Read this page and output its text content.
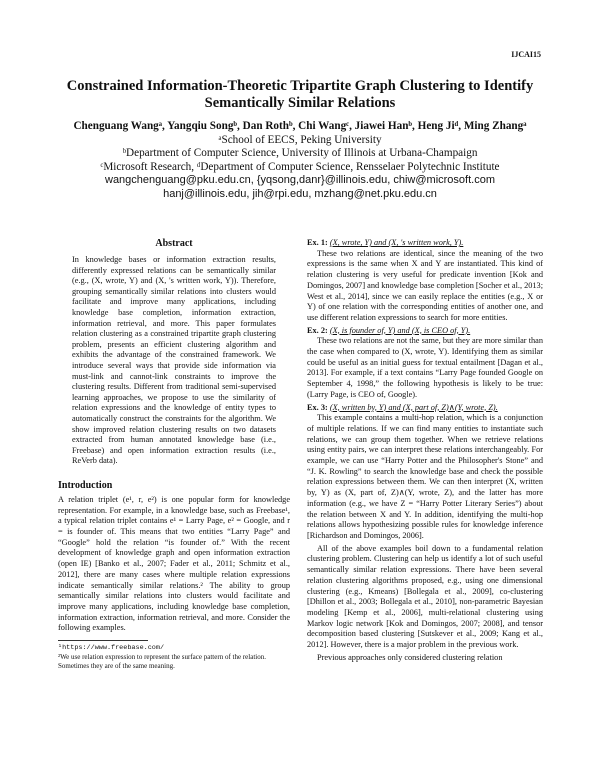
IJCAI15
Constrained Information-Theoretic Tripartite Graph Clustering to Identify Semantically Similar Relations
Chenguang Wangᵃ, Yangqiu Songᵇ, Dan Rothᵇ, Chi Wangᶜ, Jiawei Hanᵇ, Heng Jiᵈ, Ming Zhangᵃ
ᵃSchool of EECS, Peking University
ᵇDepartment of Computer Science, University of Illinois at Urbana-Champaign
ᶜMicrosoft Research, ᵈDepartment of Computer Science, Rensselaer Polytechnic Institute
wangchenguang@pku.edu.cn, {yqsong,danr}@illinois.edu, chiw@microsoft.com
hanj@illinois.edu, jih@rpi.edu, mzhang@net.pku.edu.cn
Abstract

In knowledge bases or information extraction results, differently expressed relations can be semantically similar (e.g., (X, wrote, Y) and (X, 's written work, Y)). Therefore, grouping semantically similar relations into clusters would facilitate and improve many applications, including knowledge base completion, information extraction, information retrieval, and more. This paper formulates relation clustering as a constrained tripartite graph clustering problem, presents an efficient clustering algorithm and exhibits the advantage of the constrained framework. We introduce several ways that provide side information via must-link and cannot-link constraints to improve the clustering results. Different from traditional semi-supervised learning approaches, we propose to use the similarity of relation expressions and the knowledge of entity types to automatically construct the constraints for the algorithm. We show improved relation clustering results on two datasets extracted from human annotated knowledge base (i.e., Freebase) and open information extraction results (i.e., ReVerb data).

Introduction

A relation triplet (e¹, r, e²) is one popular form for knowledge representation. For example, in a knowledge base, such as Freebase¹, a typical relation triplet contains e¹ = Larry Page, e² = Google, and r = is founder of. This means that two entities “Larry Page” and “Google” hold the relation “is founder of.” With the recent development of knowledge graph and open information extraction (open IE) [Banko et al., 2007; Fader et al., 2011; Schmitz et al., 2012], there are many cases where multiple relation expressions indicate semantically similar relations.² The ability to group semantically similar relations into clusters would facilitate and improve many applications, including knowledge base completion, information extraction, information retrieval, and more. Consider the following examples.

¹https://www.freebase.com/

²We use relation expression to represent the surface pattern of the relation. Sometimes they are of the same meaning.

Ex. 1: (X, wrote, Y) and (X, 's written work, Y).

These two relations are identical, since the meaning of the two expressions is the same when X and Y are instantiated. This kind of relation clustering is very useful for predicate invention [Kok and Domingos, 2007] and knowledge base completion [Socher et al., 2013; West et al., 2014], since we can easily replace the entities (e.g., X or Y) of one relation with the corresponding entities of another one, and use different relation expressions to search for more entities.

Ex. 2: (X, is founder of, Y) and (X, is CEO of, Y).

These two relations are not the same, but they are more similar than the case when compared to (X, wrote, Y). Identifying them as similar could be useful as an initial guess for textual entailment [Dagan et al., 2013]. For example, if a text contains “Larry Page founded Google on September 4, 1998,” the following hypothesis is likely to be true: (Larry Page, is CEO of, Google).

Ex. 3: (X, written by, Y) and (X, part of, Z)∧(Y, wrote, Z).

This example contains a multi-hop relation, which is a conjunction of multiple relations. If we can find many entities to instantiate such relations, we can group them together. When we retrieve relations using entity pairs, we can interpret these relations interchangeably. For example, we can use “Harry Potter and the Philosopher's Stone” and “J. K. Rowling” to search the knowledge base and check the possible relation expressions between them. We can then interpret (X, written by, Y) as (X, part of, Z)∧(Y, wrote, Z), and the latter has more information (e.g., we have Z = “Harry Potter Literary Series”) about the relation between X and Y. In addition, identifying the multi-hop relations allows hypothesizing possible rules for knowledge inference [Richardson and Domingos, 2006].

All of the above examples boil down to a fundamental relation clustering problem. Clustering can help us identify a lot of such useful semantically similar relation expressions. There have been several relation clustering algorithms proposed, e.g., using one dimensional clustering (e.g., Kmeans) [Bollegala et al., 2009], co-clustering [Dhillon et al., 2003; Bollegala et al., 2010], non-parametric Bayesian modeling [Kemp et al., 2006], multi-relational clustering using Markov logic network [Kok and Domingos, 2007; 2008], and tensor decomposition based clustering [Sutskever et al., 2009; Kang et al., 2012]. However, there is a major problem in the previous work.

Previous approaches only considered clustering relation
